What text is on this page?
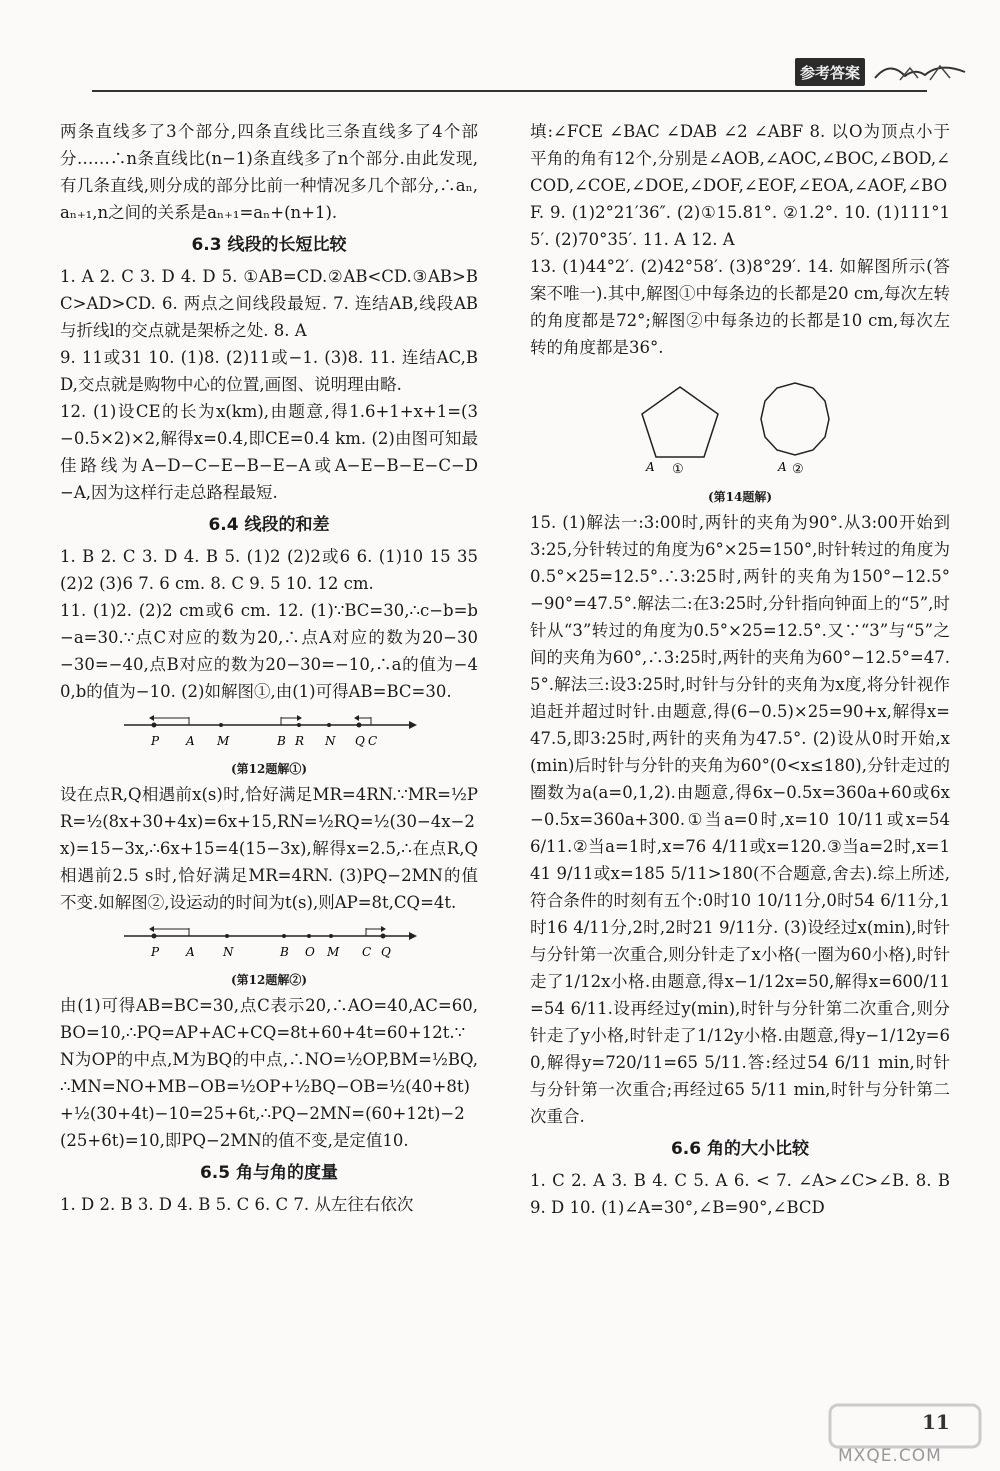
参考答案

两条直线多了3个部分,四条直线比三条直线多了4个部分……∴n条直线比(n−1)条直线多了n个部分.由此发现,有几条直线,则分成的部分比前一种情况多几个部分,∴aₙ,aₙ₊₁,n之间的关系是aₙ₊₁=aₙ+(n+1).

6.3 线段的长短比较

1. A 2. C 3. D 4. D 5. ①AB=CD.②AB<CD.③AB>BC>AD>CD. 6. 两点之间线段最短. 7. 连结AB,线段AB与折线l的交点就是架桥之处. 8. A

9. 11或31 10. (1)8. (2)11或−1. (3)8. 11. 连结AC,BD,交点就是购物中心的位置,画图、说明理由略.

12. (1)设CE的长为x(km),由题意,得1.6+1+x+1=(3−0.5×2)×2,解得x=0.4,即CE=0.4 km. (2)由图可知最佳路线为A−D−C−E−B−E−A或A−E−B−E−C−D−A,因为这样行走总路程最短.

6.4 线段的和差

1. B 2. C 3. D 4. B 5. (1)2 (2)2或6 6. (1)10 15 35 (2)2 (3)6 7. 6 cm. 8. C 9. 5 10. 12 cm.

11. (1)2. (2)2 cm或6 cm. 12. (1)∵BC=30,∴c−b=b−a=30.∵点C对应的数为20,∴点A对应的数为20−30−30=−40,点B对应的数为20−30=−10,∴a的值为−40,b的值为−10. (2)如解图①,由(1)可得AB=BC=30.

P A M	B R N Q C
(第12题解①)

设在点R,Q相遇前x(s)时,恰好满足MR=4RN.∵MR=½PR=½(8x+30+4x)=6x+15,RN=½RQ=½(30−4x−2x)=15−3x,∴6x+15=4(15−3x),解得x=2.5,∴在点R,Q相遇前2.5 s时,恰好满足MR=4RN. (3)PQ−2MN的值不变.如解图②,设运动的时间为t(s),则AP=8t,CQ=4t.

P A N	B O M C Q
(第12题解②)

由(1)可得AB=BC=30,点C表示20,∴AO=40,AC=60,BO=10,∴PQ=AP+AC+CQ=8t+60+4t=60+12t.∵N为OP的中点,M为BQ的中点,∴NO=½OP,BM=½BQ,∴MN=NO+MB−OB=½OP+½BQ−OB=½(40+8t)+½(30+4t)−10=25+6t,∴PQ−2MN=(60+12t)−2(25+6t)=10,即PQ−2MN的值不变,是定值10.

6.5 角与角的度量

1. D 2. B 3. D 4. B 5. C 6. C 7. 从左往右依次

填:∠FCE ∠BAC ∠DAB ∠2 ∠ABF 8. 以O为顶点小于平角的角有12个,分别是∠AOB,∠AOC,∠BOC,∠BOD,∠COD,∠COE,∠DOE,∠DOF,∠EOF,∠EOA,∠AOF,∠BOF. 9. (1)2°21′36″. (2)①15.81°. ②1.2°. 10. (1)111°15′. (2)70°35′. 11. A 12. A

13. (1)44°2′. (2)42°58′. (3)8°29′. 14. 如解图所示(答案不唯一).其中,解图①中每条边的长都是20 cm,每次左转的角度都是72°;解图②中每条边的长都是10 cm,每次左转的角度都是36°.

A ①	A ②
(第14题解)

15. (1)解法一:3:00时,两针的夹角为90°.从3:00开始到3:25,分针转过的角度为6°×25=150°,时针转过的角度为0.5°×25=12.5°.∴3:25时,两针的夹角为150°−12.5°−90°=47.5°.解法二:在3:25时,分针指向钟面上的“5”,时针从“3”转过的角度为0.5°×25=12.5°.又∵“3”与“5”之间的夹角为60°,∴3:25时,两针的夹角为60°−12.5°=47.5°.解法三:设3:25时,时针与分针的夹角为x度,将分针视作追赶并超过时针.由题意,得(6−0.5)×25=90+x,解得x=47.5,即3:25时,两针的夹角为47.5°. (2)设从0时开始,x(min)后时针与分针的夹角为60°(0<x≤180),分针走过的圈数为a(a=0,1,2).由题意,得6x−0.5x=360a+60或6x−0.5x=360a+300.①当a=0时,x=10 10/11或x=54 6/11.②当a=1时,x=76 4/11或x=120.③当a=2时,x=141 9/11或x=185 5/11>180(不合题意,舍去).综上所述,符合条件的时刻有五个:0时10 10/11分,0时54 6/11分,1时16 4/11分,2时,2时21 9/11分. (3)设经过x(min),时针与分针第一次重合,则分针走了x小格(一圈为60小格),时针走了1/12x小格.由题意,得x−1/12x=50,解得x=600/11=54 6/11.设再经过y(min),时针与分针第二次重合,则分针走了y小格,时针走了1/12y小格.由题意,得y−1/12y=60,解得y=720/11=65 5/11.答:经过54 6/11 min,时针与分针第一次重合;再经过65 5/11 min,时针与分针第二次重合.

6.6 角的大小比较

1. C 2. A 3. B 4. C 5. A 6. < 7. ∠A>∠C>∠B. 8. B 9. D 10. (1)∠A=30°,∠B=90°,∠BCD

11
MXQE.COM
